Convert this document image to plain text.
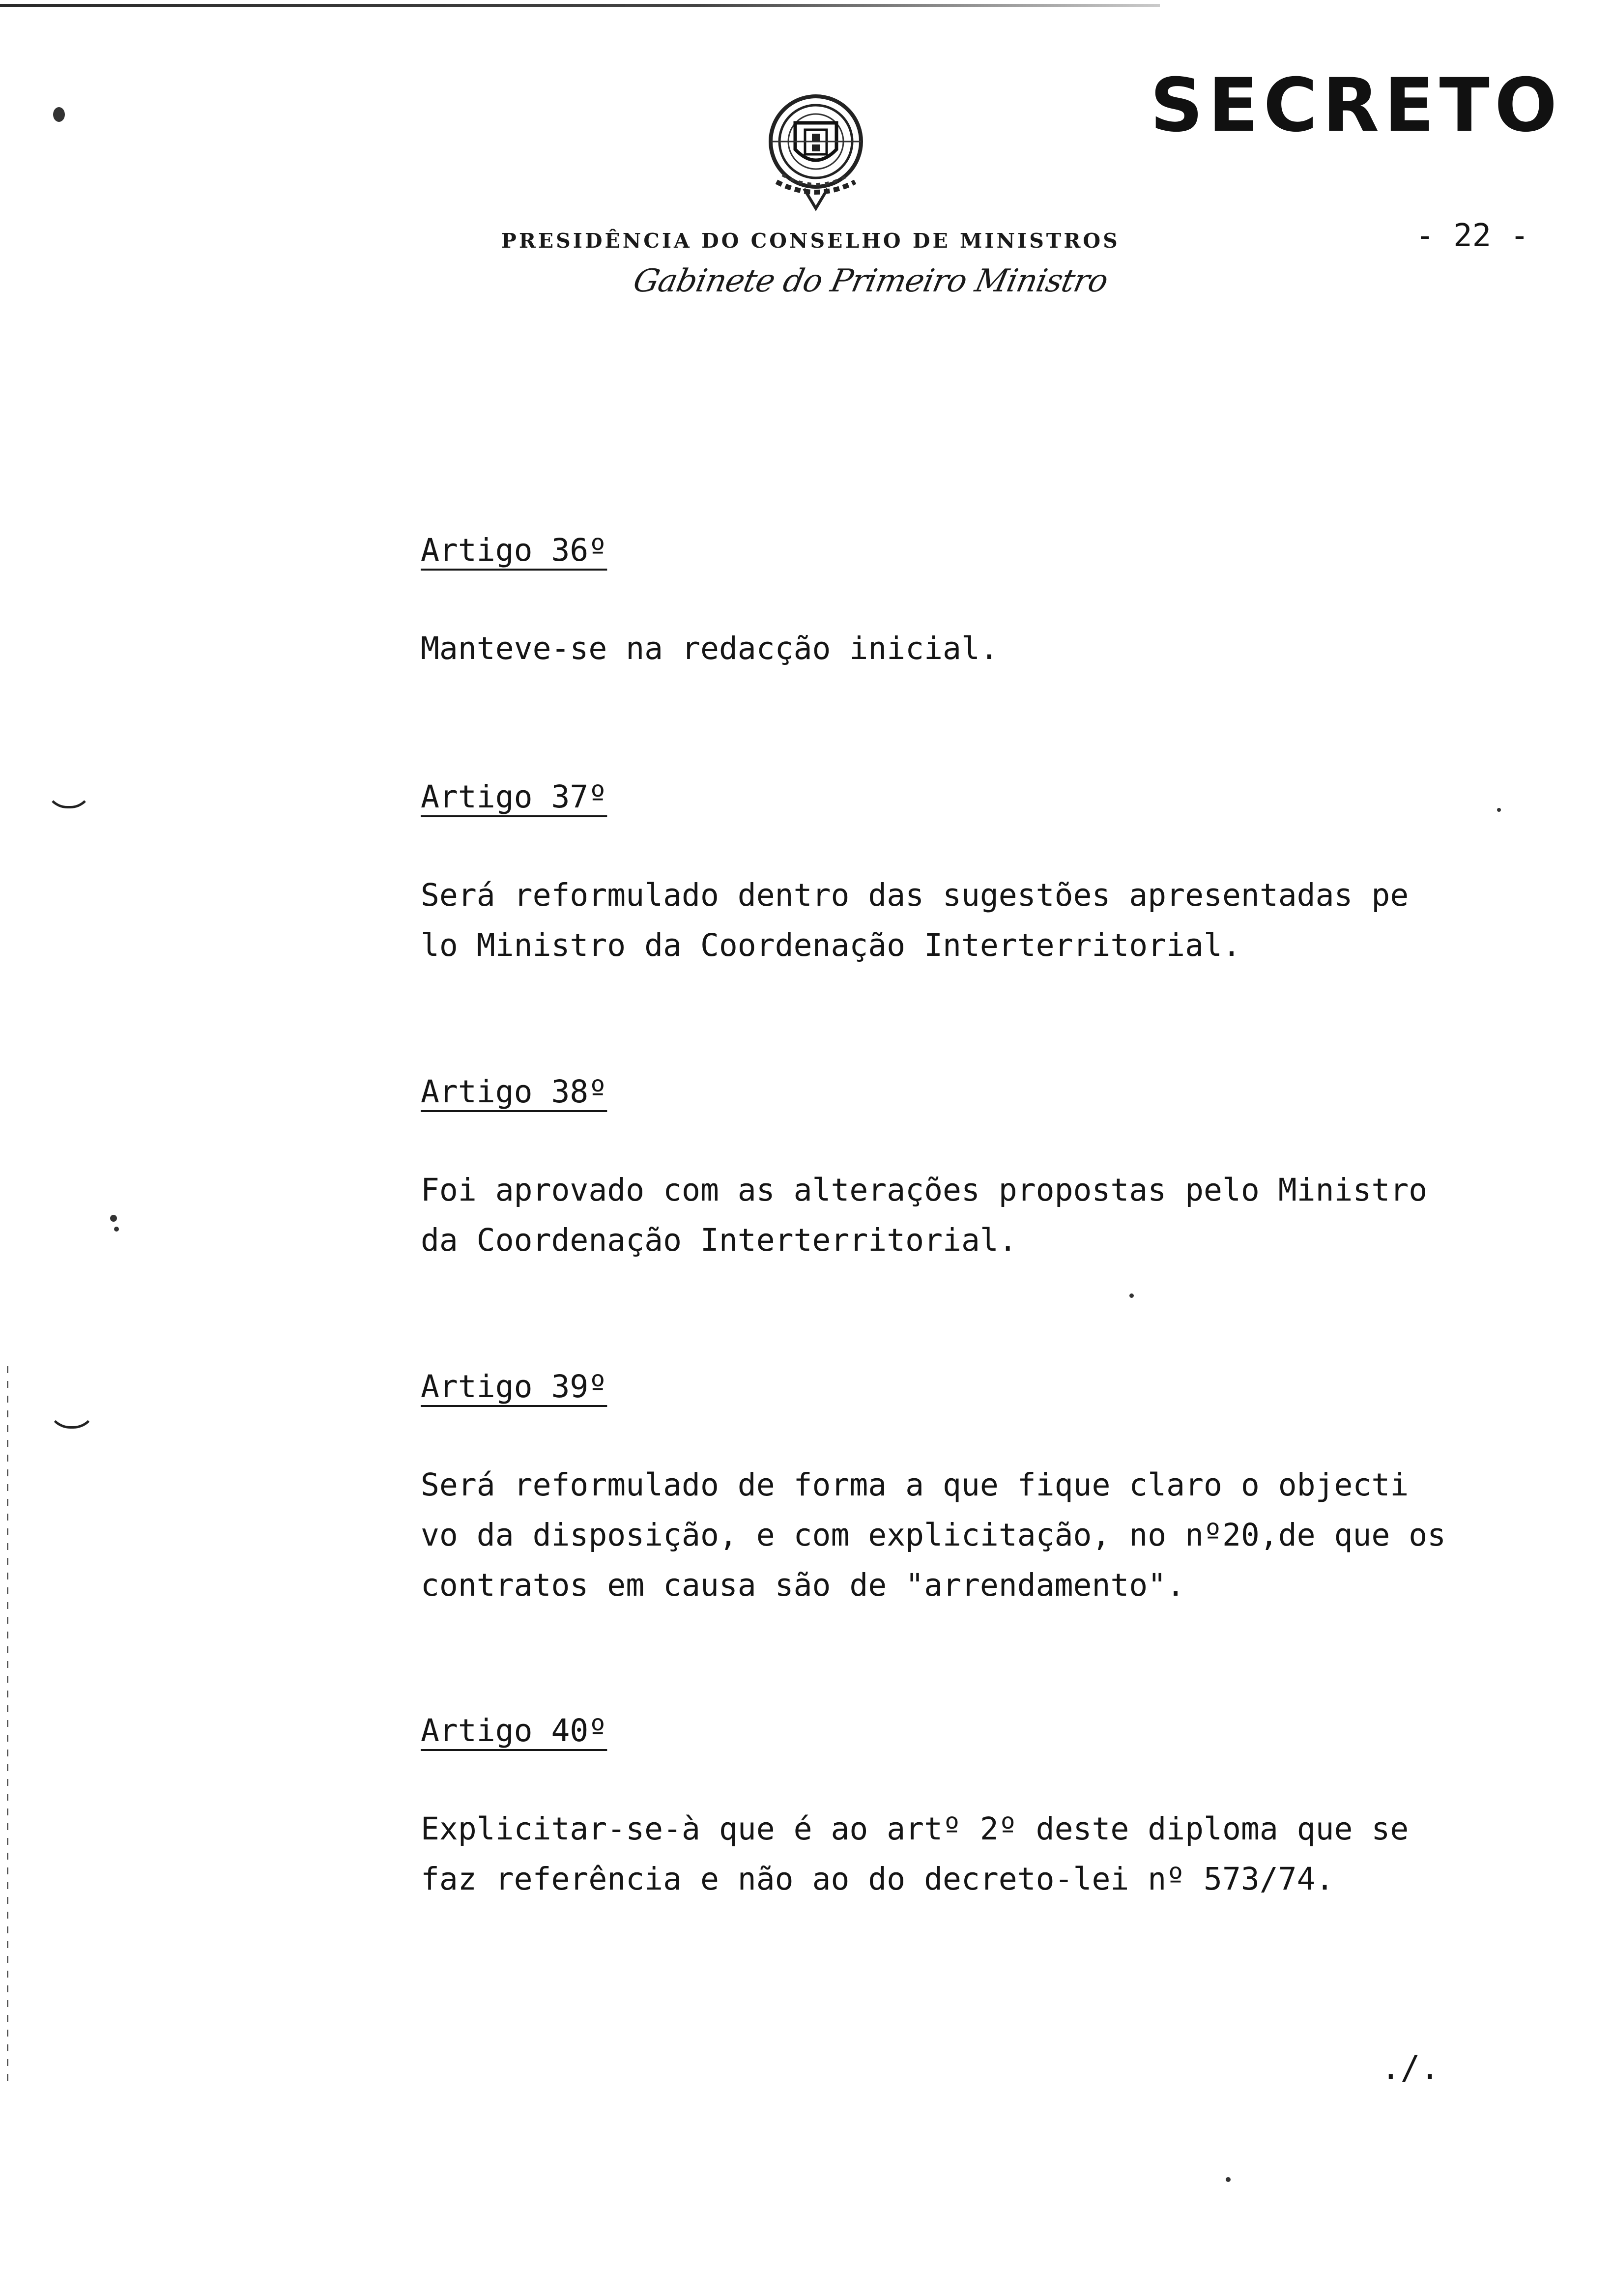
SECRETO
PRESIDÊNCIA DO CONSELHO DE MINISTROS	- 22 -
Gabinete do Primeiro Ministro
Artigo 36º
Manteve-se na redacção inicial.
Artigo 37º
Será reformulado dentro das sugestões apresentadas pe
lo Ministro da Coordenação Interterritorial.
Artigo 38º
Foi aprovado com as alterações propostas pelo Ministro
da Coordenação Interterritorial.
Artigo 39º
Será reformulado de forma a que fique claro o objecti
vo da disposição, e com explicitação, no nº20,de que os
contratos em causa são de "arrendamento".
Artigo 40º
Explicitar-se-à que é ao artº 2º deste diploma que se
faz referência e não ao do decreto-lei nº 573/74.
./.
